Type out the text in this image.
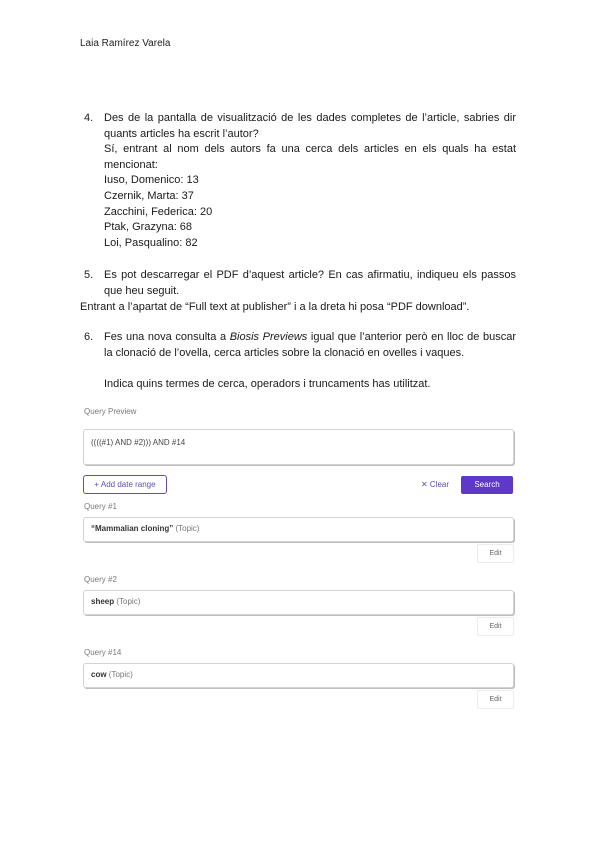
Laia Ramírez Varela
4. Des de la pantalla de visualització de les dades completes de l’article, sabries dir quants articles ha escrit l’autor?

Sí, entrant al nom dels autors fa una cerca dels articles en els quals ha estat mencionat:

Iuso, Domenico: 13

Czernik, Marta: 37

Zacchini, Federica: 20

Ptak, Grazyna: 68

Loi, Pasqualino: 82

5. Es pot descarregar el PDF d’aquest article? En cas afirmatiu, indiqueu els passos que heu seguit.

Entrant a l’apartat de “Full text at publisher” i a la dreta hi posa “PDF download”.
6. Fes una nova consulta a Biosis Previews igual que l’anterior però en lloc de buscar la clonació de l’ovella, cerca articles sobre la clonació en ovelles i vaques.

Indica quins termes de cerca, operadors i truncaments has utilitzat.

Query Preview
((((#1) AND #2))) AND #14
+ Add date range	✕ Clear	Search
Query #1
“Mammalian cloning” (Topic)
Edit
Query #2
sheep (Topic)
Edit
Query #14
cow (Topic)
Edit
